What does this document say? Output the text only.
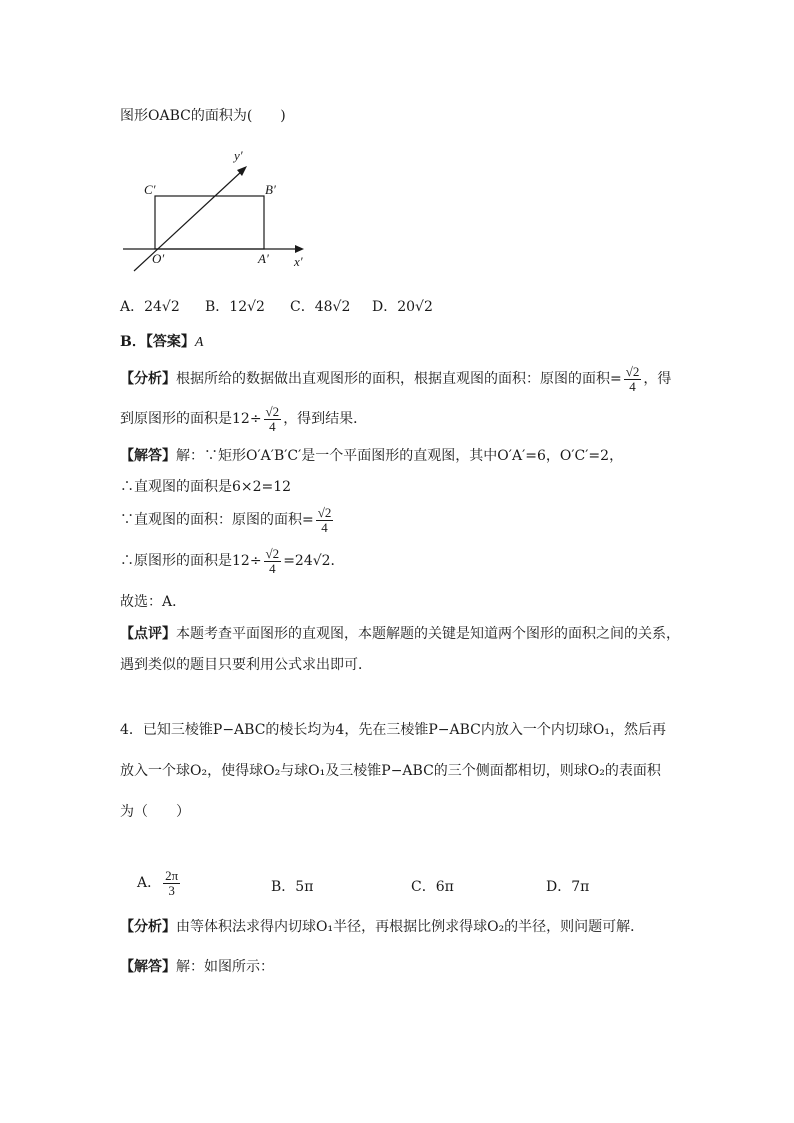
图形OABC的面积为(　　)
y′
x′
C′	B′
O′	A′
A．24√2 B．12√2 C．48√2 D．20√2
B．【答案】A
【分析】根据所给的数据做出直观图形的面积，根据直观图的面积：原图的面积= $\frac{√2}{4}$ ，得
到原图形的面积是$12\div \frac{√2}{4}$ ，得到结果．
【解答】解：∵矩形O′A′B′C′是一个平面图形的直观图，其中O′A′=6，O′C′=2，
∴直观图的面积是6×2=12
∵直观图的面积：原图的面积= $\frac{√2}{4}$
∴原图形的面积是$12\div \frac{√2}{4} =24√2$．
故选：A．
【点评】本题考查平面图形的直观图，本题解题的关键是知道两个图形的面积之间的关系，
遇到类似的题目只要利用公式求出即可．
4．已知三棱锥P−ABC的棱长均为4，先在三棱锥P−ABC内放入一个内切球O₁，然后再
放入一个球O₂，使得球O₂与球O₁及三棱锥P−ABC的三个侧面都相切，则球O₂的表面积
为（　　）
A． $\frac{2\pi}{3}$	B．5π	C．6π	D．7π
【分析】由等体积法求得内切球O₁半径，再根据比例求得球O₂的半径，则问题可解．
【解答】解：如图所示：
